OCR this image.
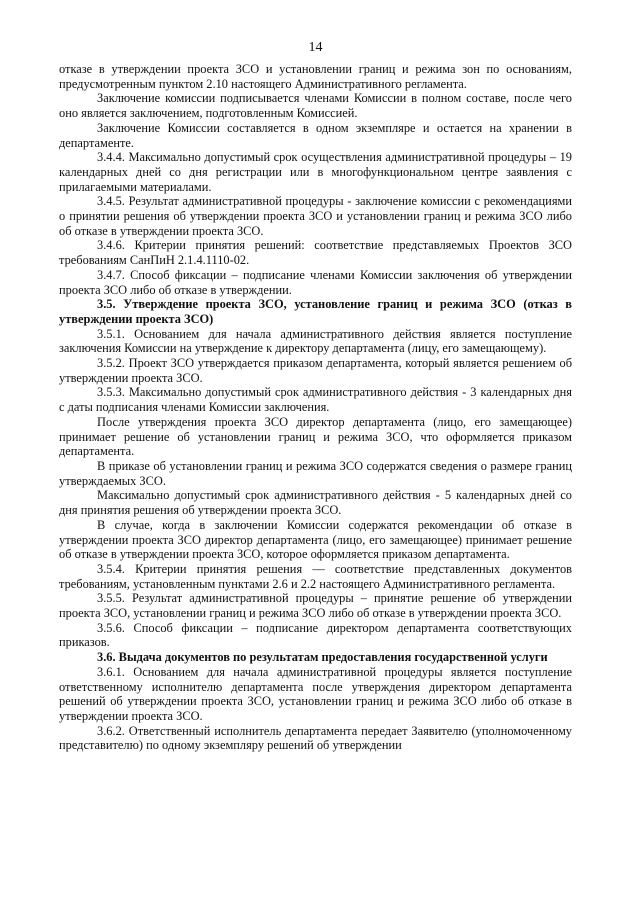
14

отказе в утверждении проекта ЗСО и установлении границ и режима зон по основаниям, предусмотренным пунктом 2.10 настоящего Административного регламента.

Заключение комиссии подписывается членами Комиссии в полном составе, после чего оно является заключением, подготовленным Комиссией.

Заключение Комиссии составляется в одном экземпляре и остается на хранении в департаменте.

3.4.4. Максимально допустимый срок осуществления административной процедуры – 19 календарных дней со дня регистрации или в многофункциональном центре заявления с прилагаемыми материалами.

3.4.5. Результат административной процедуры - заключение комиссии с рекомендациями о принятии решения об утверждении проекта ЗСО и установлении границ и режима ЗСО либо об отказе в утверждении проекта ЗСО.

3.4.6. Критерии принятия решений: соответствие представляемых Проектов ЗСО требованиям СанПиН 2.1.4.1110-02.

3.4.7. Способ фиксации – подписание членами Комиссии заключения об утверждении проекта ЗСО либо об отказе в утверждении.

3.5. Утверждение проекта ЗСО, установление границ и режима ЗСО (отказ в утверждении проекта ЗСО)

3.5.1. Основанием для начала административного действия является поступление заключения Комиссии на утверждение к директору департамента (лицу, его замещающему).

3.5.2. Проект ЗСО утверждается приказом департамента, который является решением об утверждении проекта ЗСО.

3.5.3. Максимально допустимый срок административного действия - 3 календарных дня с даты подписания членами Комиссии заключения.

После утверждения проекта ЗСО директор департамента (лицо, его замещающее) принимает решение об установлении границ и режима ЗСО, что оформляется приказом департамента.

В приказе об установлении границ и режима ЗСО содержатся сведения о размере границ утверждаемых ЗСО.

Максимально допустимый срок административного действия - 5 календарных дней со дня принятия решения об утверждении проекта ЗСО.

В случае, когда в заключении Комиссии содержатся рекомендации об отказе в утверждении проекта ЗСО директор департамента (лицо, его замещающее) принимает решение об отказе в утверждении проекта ЗСО, которое оформляется приказом департамента.

3.5.4. Критерии принятия решения — соответствие представленных документов требованиям, установленным пунктами 2.6 и 2.2 настоящего Административного регламента.

3.5.5. Результат административной процедуры – принятие решение об утверждении проекта ЗСО, установлении границ и режима ЗСО либо об отказе в утверждении проекта ЗСО.

3.5.6. Способ фиксации – подписание директором департамента соответствующих приказов.

3.6. Выдача документов по результатам предоставления государственной услуги

3.6.1. Основанием для начала административной процедуры является поступление ответственному исполнителю департамента после утверждения директором департамента решений об утверждении проекта ЗСО, установлении границ и режима ЗСО либо об отказе в утверждении проекта ЗСО.

3.6.2. Ответственный исполнитель департамента передает Заявителю (уполномоченному представителю) по одному экземпляру решений об утверждении
